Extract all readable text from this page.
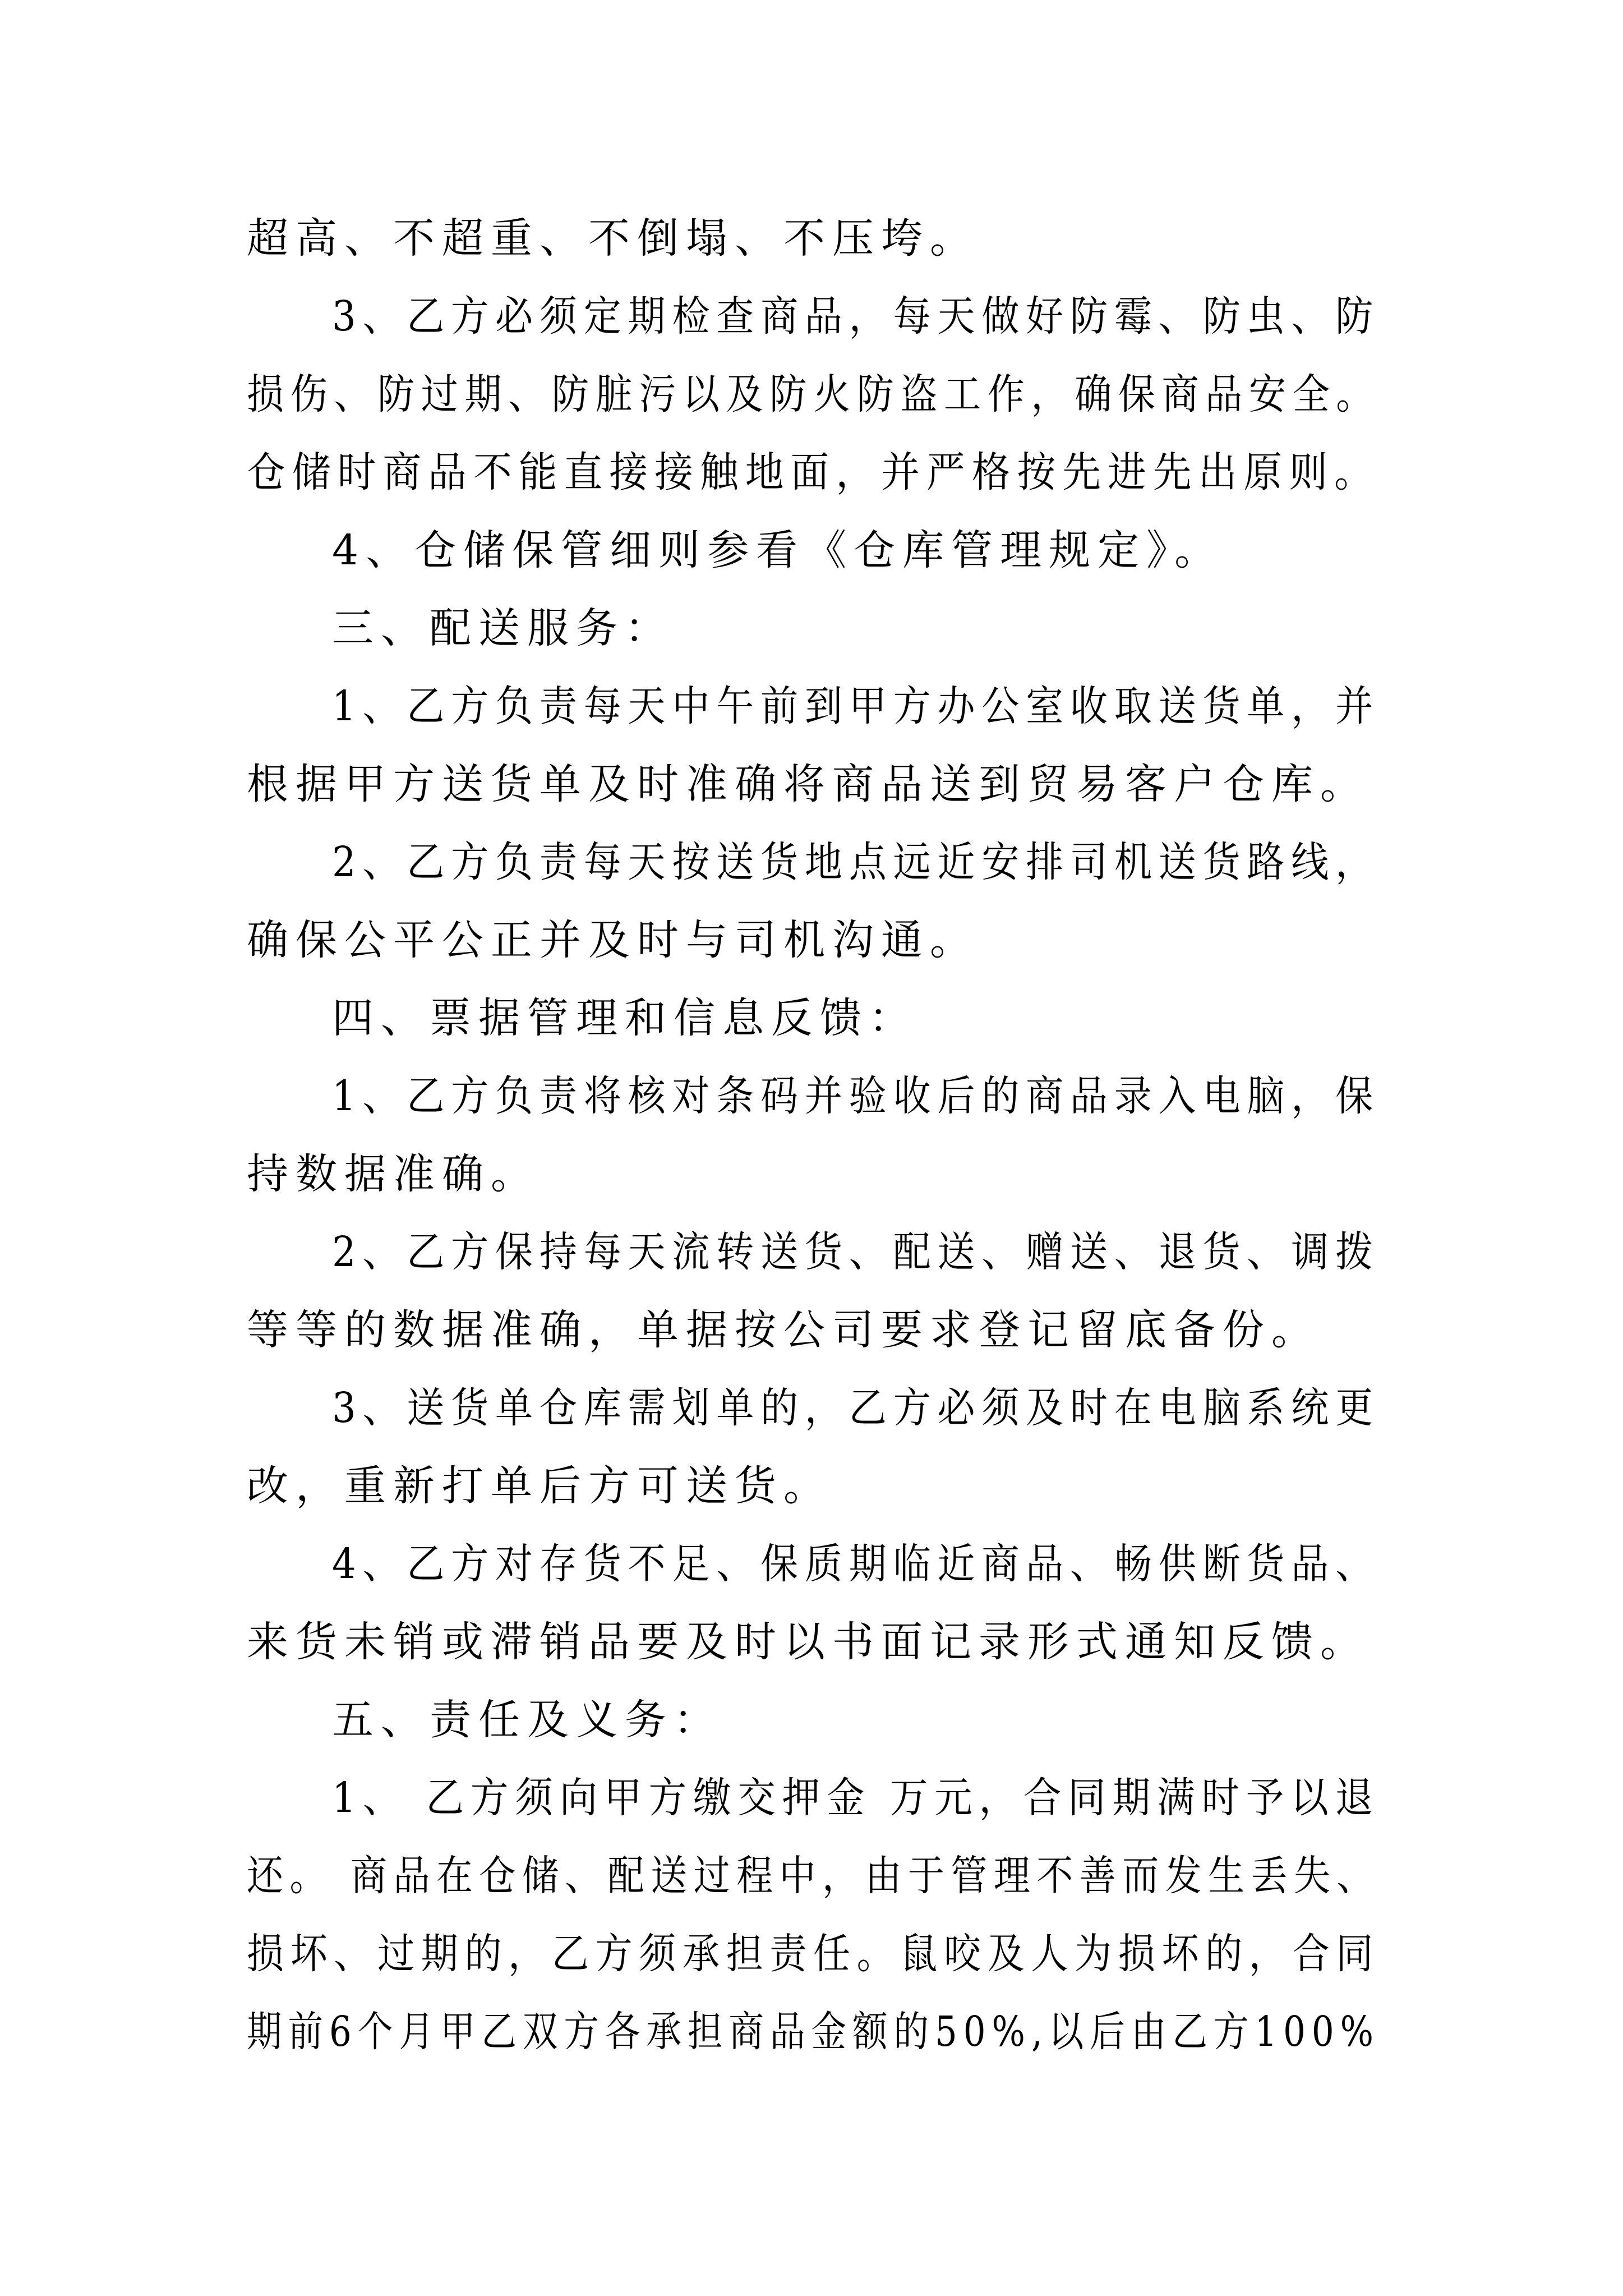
超高、不超重、不倒塌、不压垮。
3、乙方必须定期检查商品，每天做好防霉、防虫、防
损伤、防过期、防脏污以及防火防盗工作，确保商品安全。
仓储时商品不能直接接触地面，并严格按先进先出原则。
4、仓储保管细则参看《仓库管理规定》。
三、配送服务：
1、乙方负责每天中午前到甲方办公室收取送货单，并
根据甲方送货单及时准确将商品送到贸易客户仓库。
2、乙方负责每天按送货地点远近安排司机送货路线，
确保公平公正并及时与司机沟通。
四、票据管理和信息反馈：
1、乙方负责将核对条码并验收后的商品录入电脑，保
持数据准确。
2、乙方保持每天流转送货、配送、赠送、退货、调拨
等等的数据准确，单据按公司要求登记留底备份。
3、送货单仓库需划单的，乙方必须及时在电脑系统更
改，重新打单后方可送货。
4、乙方对存货不足、保质期临近商品、畅供断货品、
来货未销或滞销品要及时以书面记录形式通知反馈。
五、责任及义务：
1、 乙方须向甲方缴交押金 万元，合同期满时予以退
还。 商品在仓储、配送过程中，由于管理不善而发生丢失、
损坏、过期的，乙方须承担责任。鼠咬及人为损坏的，合同
期前6个月甲乙双方各承担商品金额的50%,以后由乙方100%
